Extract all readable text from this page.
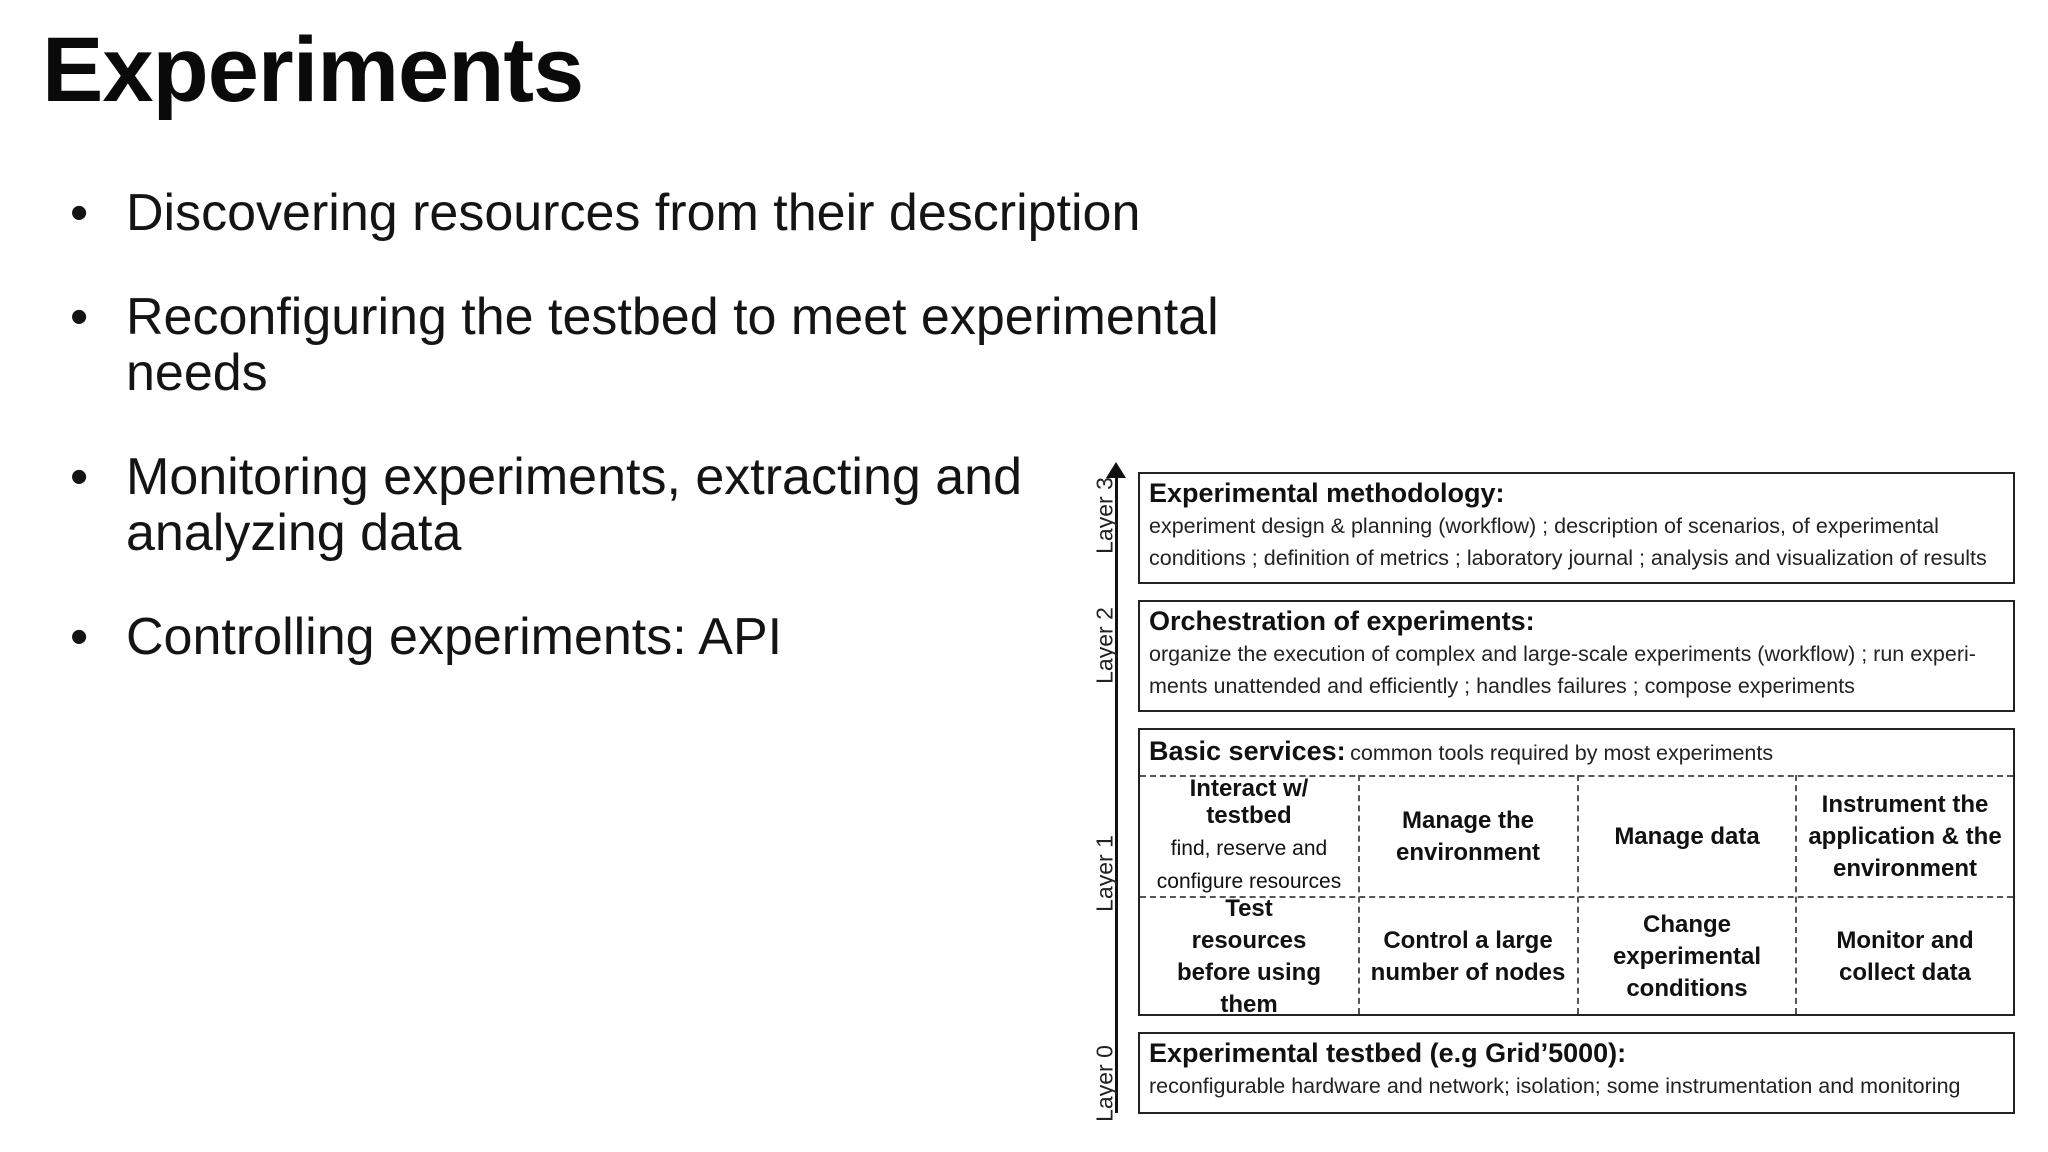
Experiments
• Discovering resources from their description
• Reconfiguring the testbed to meet experimental needs
• Monitoring experiments, extracting and analyzing data
• Controlling experiments: API
Layer 3
Layer 2
Layer 1
Layer 0
Experimental methodology:
experiment design & planning (workflow) ; description of scenarios, of experimental
conditions ; definition of metrics ; laboratory journal ; analysis and visualization of results
Orchestration of experiments:
organize the execution of complex and large-scale experiments (workflow) ; run experi-
ments unattended and efficiently ; handles failures ; compose experiments
Basic services: common tools required by most experiments
Interact w/ testbed
find, reserve and configure resources
Manage the environment
Manage data
Instrument the application & the environment
Test resources before using them
Control a large number of nodes
Change experimental conditions
Monitor and collect data
Experimental testbed (e.g Grid’5000):
reconfigurable hardware and network; isolation; some instrumentation and monitoring
